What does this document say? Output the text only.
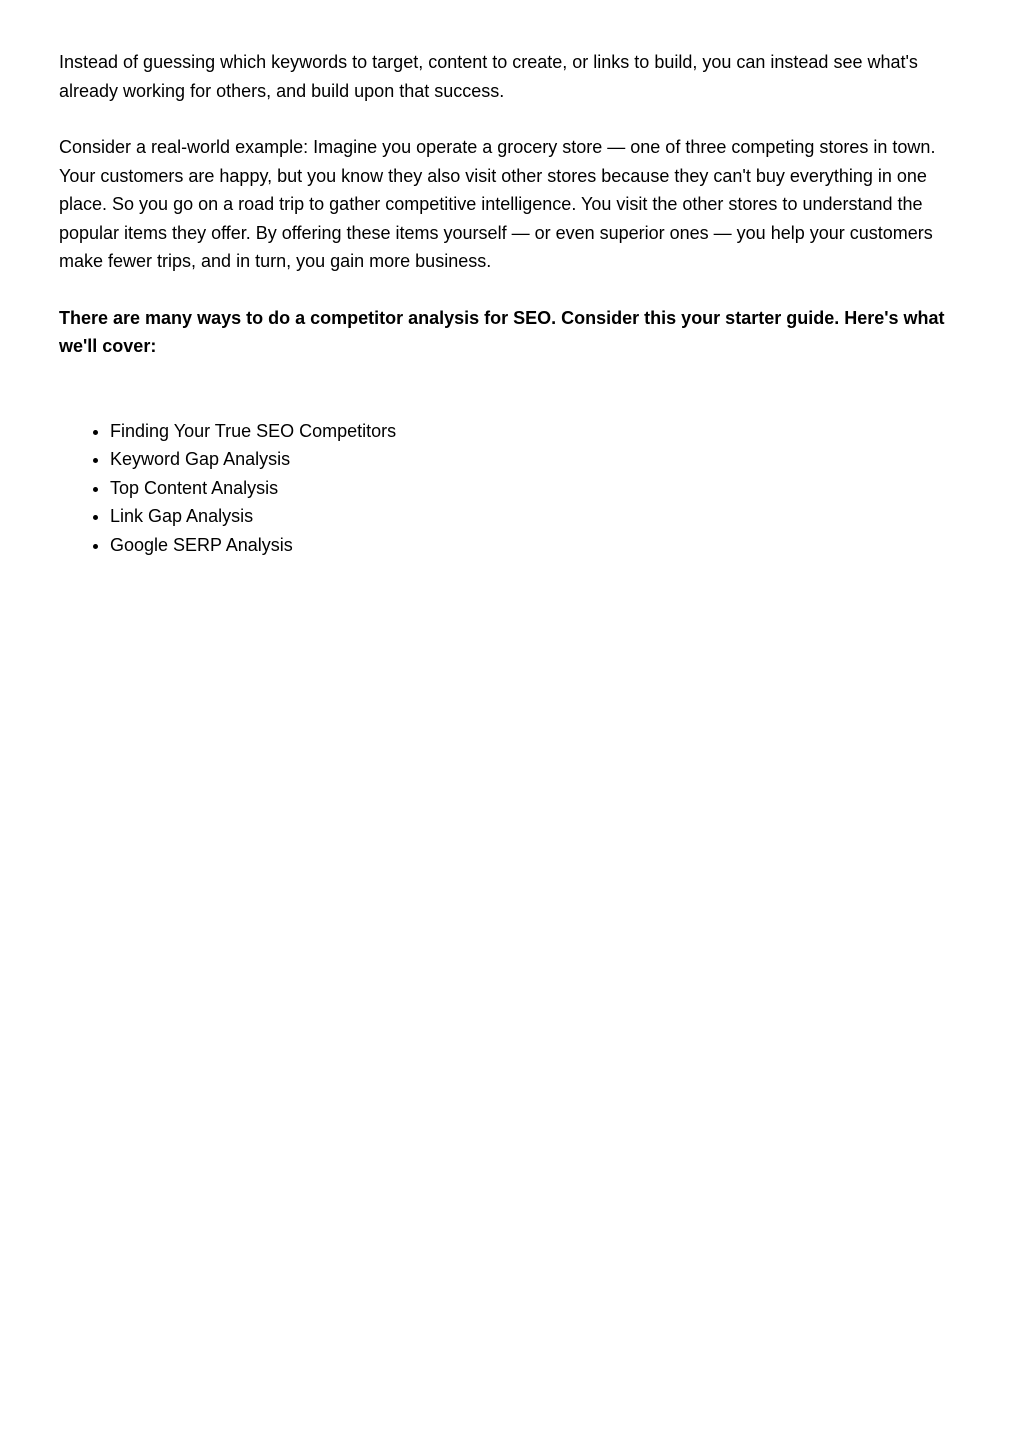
Instead of guessing which keywords to target, content to create, or links to build, you can instead see what's already working for others, and build upon that success.

Consider a real-world example: Imagine you operate a grocery store — one of three competing stores in town. Your customers are happy, but you know they also visit other stores because they can't buy everything in one place. So you go on a road trip to gather competitive intelligence. You visit the other stores to understand the popular items they offer. By offering these items yourself — or even superior ones — you help your customers make fewer trips, and in turn, you gain more business.

There are many ways to do a competitor analysis for SEO. Consider this your starter guide. Here's what we'll cover:

• Finding Your True SEO Competitors
• Keyword Gap Analysis
• Top Content Analysis
• Link Gap Analysis
• Google SERP Analysis
